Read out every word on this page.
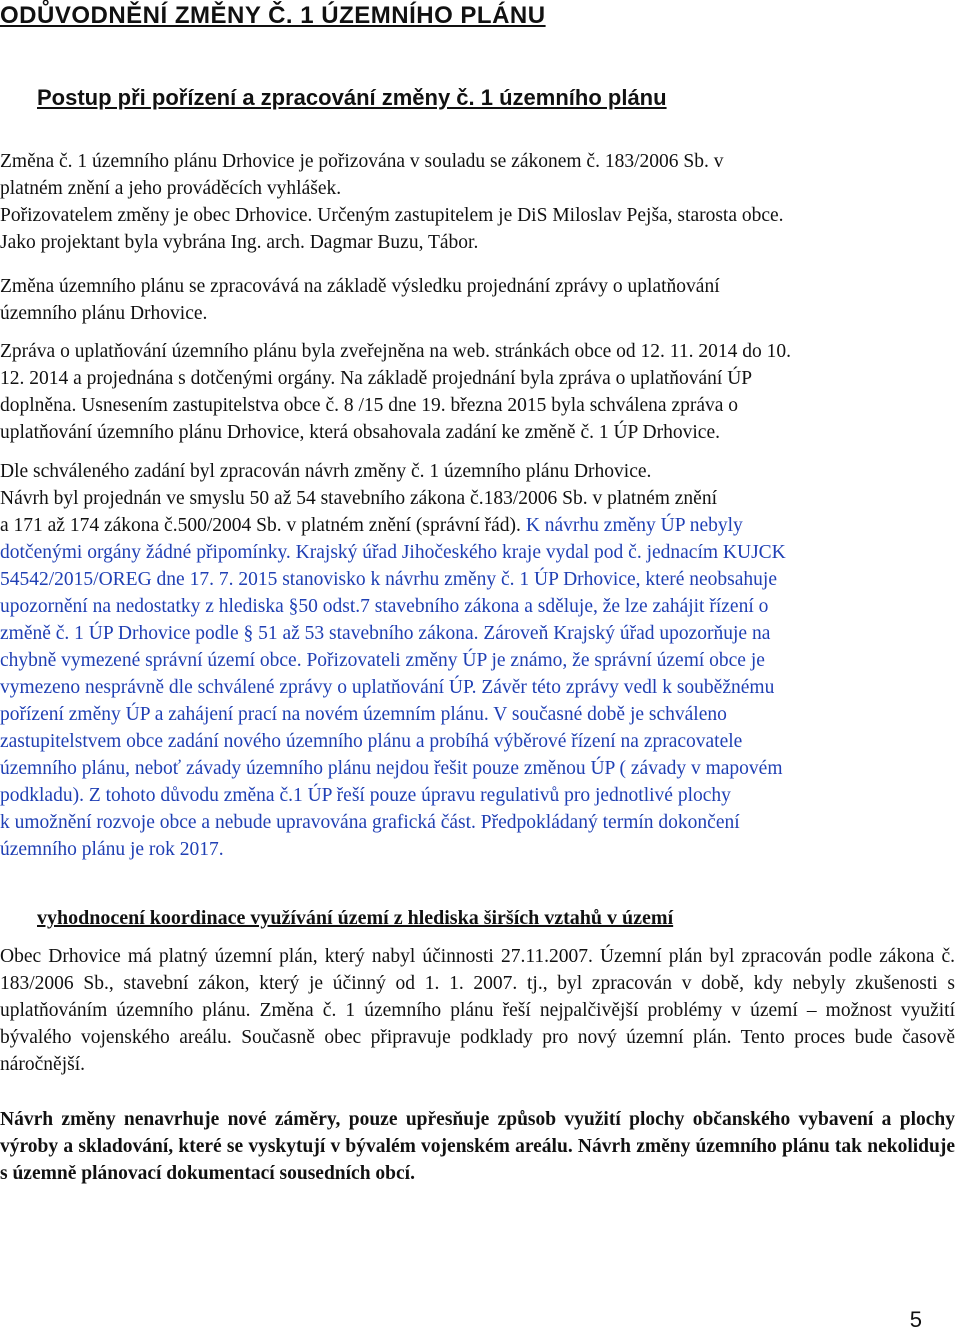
ODŮVODNĚNÍ ZMĚNY Č. 1 ÚZEMNÍHO PLÁNU
Postup při pořízení a zpracování změny č. 1 územního plánu

Změna č. 1 územního plánu Drhovice je pořizována v souladu se zákonem č. 183/2006 Sb. v

platném znění a jeho prováděcích vyhlášek.

Pořizovatelem změny je obec Drhovice. Určeným zastupitelem je DiS Miloslav Pejša, starosta obce.

Jako projektant byla vybrána Ing. arch. Dagmar Buzu, Tábor.

Změna územního plánu se zpracovává na základě výsledku projednání zprávy o uplatňování

územního plánu Drhovice.

Zpráva o uplatňování územního plánu byla zveřejněna na web. stránkách obce od 12. 11. 2014 do 10.

12. 2014 a projednána s dotčenými orgány. Na základě projednání byla zpráva o uplatňování ÚP

doplněna. Usnesením zastupitelstva obce č. 8 /15 dne 19. března 2015 byla schválena zpráva o

uplatňování územního plánu Drhovice, která obsahovala zadání ke změně č. 1 ÚP Drhovice.

Dle schváleného zadání byl zpracován návrh změny č. 1 územního plánu Drhovice.

Návrh byl projednán ve smyslu 50 až 54 stavebního zákona č.183/2006 Sb. v platném znění

a 171 až 174 zákona č.500/2004 Sb. v platném znění (správní řád). K návrhu změny ÚP nebyly

dotčenými orgány žádné připomínky. Krajský úřad Jihočeského kraje vydal pod č. jednacím KUJCK

54542/2015/OREG dne 17. 7. 2015 stanovisko k návrhu změny č. 1 ÚP Drhovice, které neobsahuje

upozornění na nedostatky z hlediska §50 odst.7 stavebního zákona a sděluje, že lze zahájit řízení o

změně č. 1 ÚP Drhovice podle § 51 až 53 stavebního zákona. Zároveň Krajský úřad upozorňuje na

chybně vymezené správní území obce. Pořizovateli změny ÚP je známo, že správní území obce je

vymezeno nesprávně dle schválené zprávy o uplatňování ÚP. Závěr této zprávy vedl k souběžnému

pořízení změny ÚP a zahájení prací na novém územním plánu. V současné době je schváleno

zastupitelstvem obce zadání nového územního plánu a probíhá výběrové řízení na zpracovatele

územního plánu, neboť závady územního plánu nejdou řešit pouze změnou ÚP ( závady v mapovém

podkladu). Z tohoto důvodu změna č.1 ÚP řeší pouze úpravu regulativů pro jednotlivé plochy

k umožnění rozvoje obce a nebude upravována grafická část. Předpokládaný termín dokončení

územního plánu je rok 2017.

vyhodnocení koordinace využívání území z hlediska širších vztahů v území
Obec Drhovice má platný územní plán, který nabyl účinnosti 27.11.2007. Územní plán byl zpracován podle zákona č. 183/2006 Sb., stavební zákon, který je účinný od 1. 1. 2007. tj., byl zpracován v době, kdy nebyly zkušenosti s uplatňováním územního plánu. Změna č. 1 územního plánu řeší nejpalčivější problémy v území – možnost využití bývalého vojenského areálu. Současně obec připravuje podklady pro nový územní plán. Tento proces bude časově náročnější.
Návrh změny nenavrhuje nové záměry, pouze upřesňuje způsob využití plochy občanského vybavení a plochy výroby a skladování, které se vyskytují v bývalém vojenském areálu. Návrh změny územního plánu tak nekoliduje s územně plánovací dokumentací sousedních obcí.
5
